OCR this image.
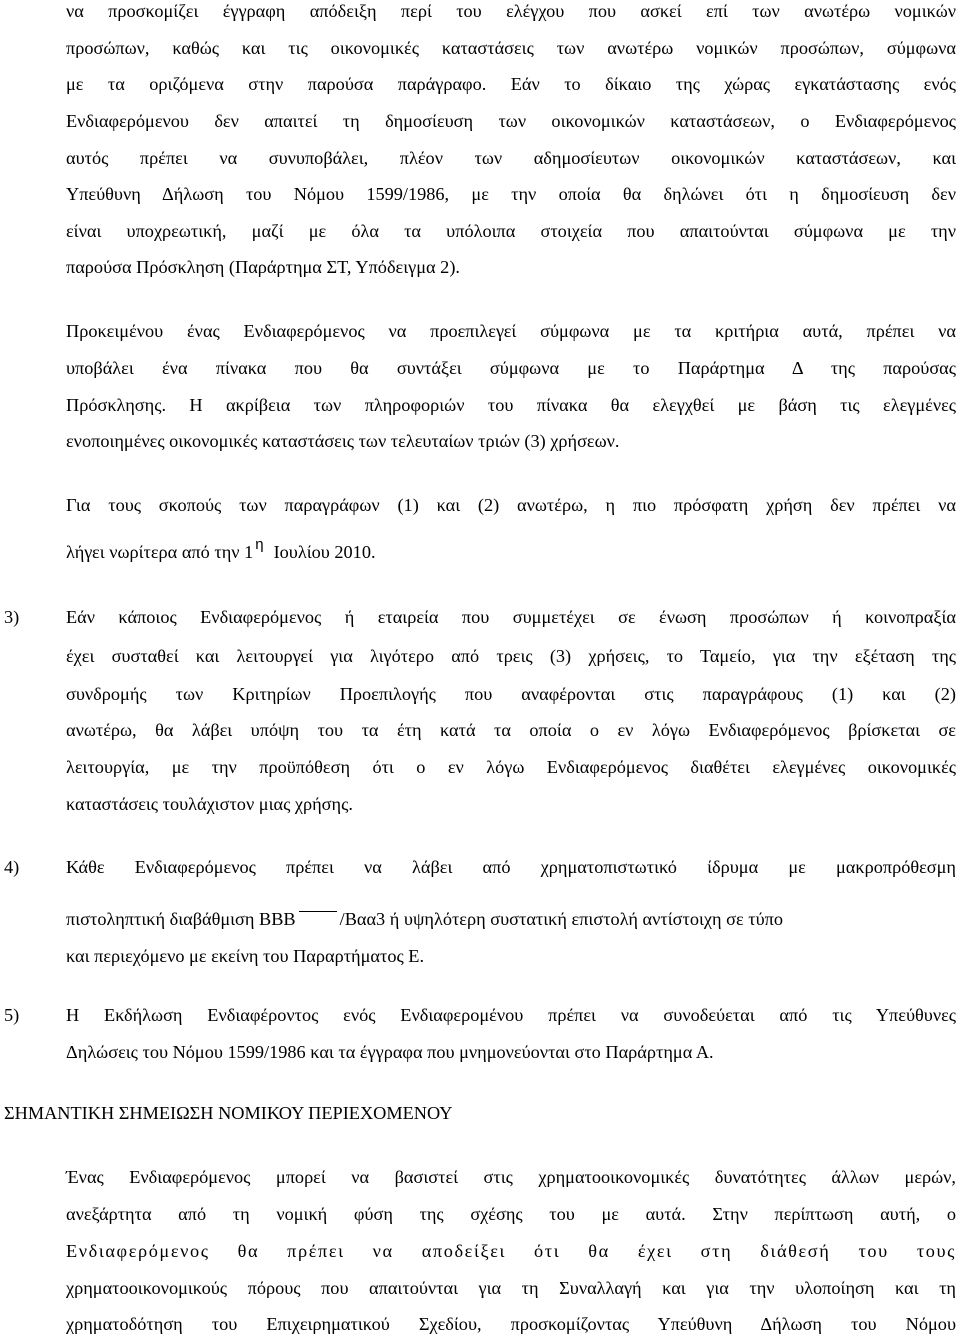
να προσκομίζει έγγραφη απόδειξη περί του ελέγχου που ασκεί επί των ανωτέρω νομικών
προσώπων, καθώς και τις οικονομικές καταστάσεις των ανωτέρω νομικών προσώπων, σύμφωνα
με τα οριζόμενα στην παρούσα παράγραφο. Εάν το δίκαιο της χώρας εγκατάστασης ενός
Ενδιαφερόμενου δεν απαιτεί τη δημοσίευση των οικονομικών καταστάσεων, ο Ενδιαφερόμενος
αυτός πρέπει να συνυποβάλει, πλέον των αδημοσίευτων οικονομικών καταστάσεων, και
Υπεύθυνη Δήλωση του Νόμου 1599/1986, με την οποία θα δηλώνει ότι η δημοσίευση δεν
είναι υποχρεωτική, μαζί με όλα τα υπόλοιπα στοιχεία που απαιτούνται σύμφωνα με την
παρούσα Πρόσκληση (Παράρτημα ΣΤ, Υπόδειγμα 2).
Προκειμένου ένας Ενδιαφερόμενος να προεπιλεγεί σύμφωνα με τα κριτήρια αυτά, πρέπει να
υποβάλει ένα πίνακα που θα συντάξει σύμφωνα με το Παράρτημα Δ της παρούσας
Πρόσκλησης. Η ακρίβεια των πληροφοριών του πίνακα θα ελεγχθεί με βάση τις ελεγμένες
ενοποιημένες οικονομικές καταστάσεις των τελευταίων τριών (3) χρήσεων.
Για τους σκοπούς των παραγράφων (1) και (2) ανωτέρω, η πιο πρόσφατη χρήση δεν πρέπει να
λήγει νωρίτερα από την 1 $^\eta$ Ιουλίου 2010.
3)	Εάν κάποιος Ενδιαφερόμενος ή εταιρεία που συμμετέχει σε ένωση προσώπων ή κοινοπραξία
έχει συσταθεί και λειτουργεί για λιγότερο από τρεις (3) χρήσεις, το Ταμείο, για την εξέταση της
συνδρομής των Κριτηρίων Προεπιλογής που αναφέρονται στις παραγράφους (1) και (2)
ανωτέρω, θα λάβει υπόψη του τα έτη κατά τα οποία ο εν λόγω Ενδιαφερόμενος βρίσκεται σε
λειτουργία, με την προϋπόθεση ότι ο εν λόγω Ενδιαφερόμενος διαθέτει ελεγμένες οικονομικές
καταστάσεις τουλάχιστον μιας χρήσης.
4)	Κάθε Ενδιαφερόμενος πρέπει να λάβει από χρηματοπιστωτικό ίδρυμα με μακροπρόθεσμη
πιστοληπτική διαβάθμιση ΒΒΒ /Βαα3 ή υψηλότερη συστατική επιστολή αντίστοιχη σε τύπο
και περιεχόμενο με εκείνη του Παραρτήματος Ε.
5)	Η Εκδήλωση Ενδιαφέροντος ενός Ενδιαφερομένου πρέπει να συνοδεύεται από τις Υπεύθυνες
Δηλώσεις του Νόμου 1599/1986 και τα έγγραφα που μνημονεύονται στο Παράρτημα Α.
ΣΗΜΑΝΤΙΚΗ ΣΗΜΕΙΩΣΗ ΝΟΜΙΚΟΥ ΠΕΡΙΕΧΟΜΕΝΟΥ
Ένας Ενδιαφερόμενος μπορεί να βασιστεί στις χρηματοοικονομικές δυνατότητες άλλων μερών,
ανεξάρτητα από τη νομική φύση της σχέσης του με αυτά. Στην περίπτωση αυτή, ο
Ενδιαφερόμενος θα πρέπει να αποδείξει ότι θα έχει στη διάθεσή του τους
χρηματοοικονομικούς πόρους που απαιτούνται για τη Συναλλαγή και για την υλοποίηση και τη
χρηματοδότηση του Επιχειρηματικού Σχεδίου, προσκομίζοντας Υπεύθυνη Δήλωση του Νόμου
